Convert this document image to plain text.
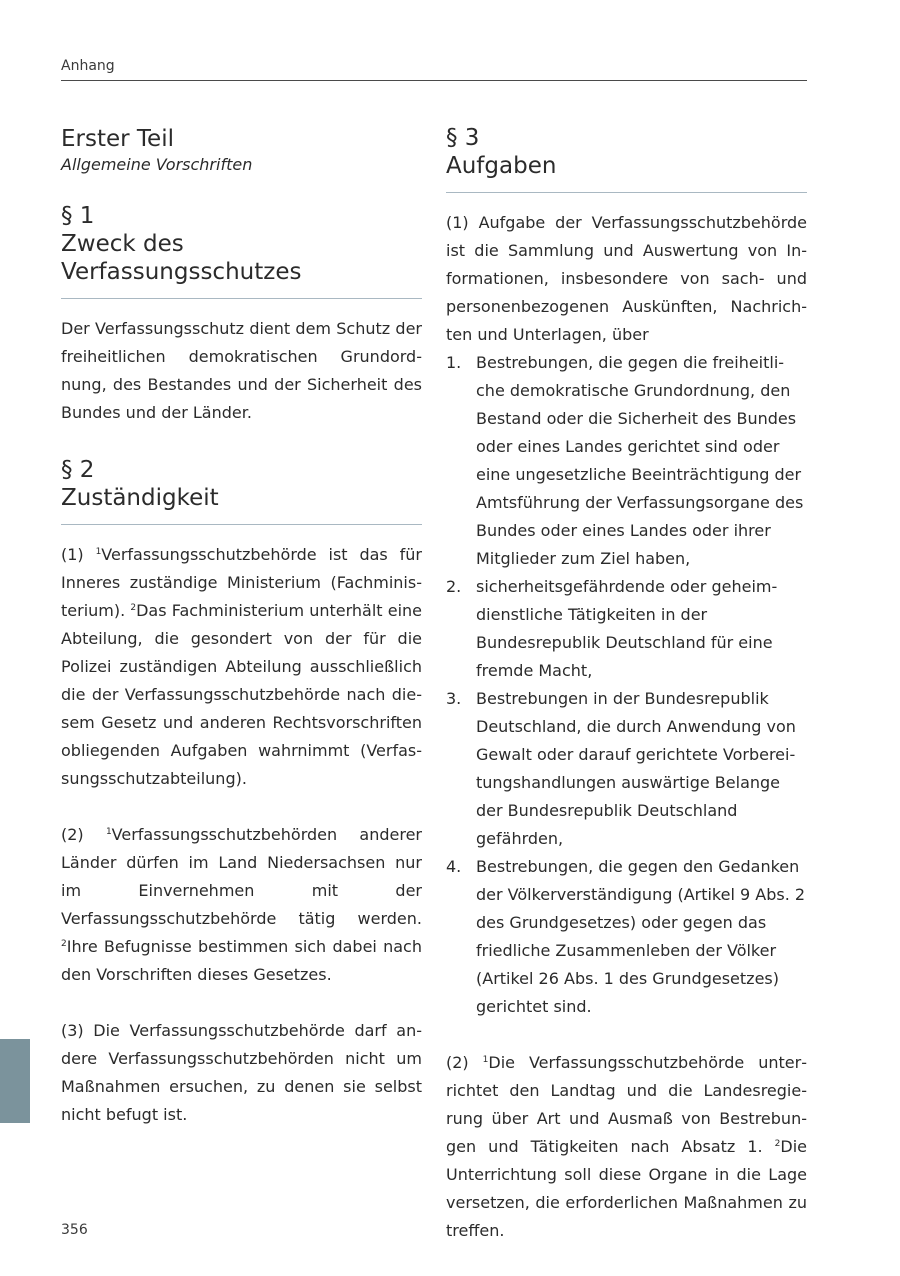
Anhang
Erster Teil
Allgemeine Vorschriften
§ 1
Zweck des Verfassungsschutzes

Der Verfassungsschutz dient dem Schutz der freiheitlichen demokratischen Grundordnung, des Bestandes und der Sicherheit des Bundes und der Länder.

§ 2
Zuständigkeit

(1) $^1$Verfassungsschutzbehörde ist das für Inneres zuständige Ministerium (Fachministerium). $^2$Das Fachministerium unterhält eine Abteilung, die gesondert von der für die Polizei zuständigen Abteilung ausschließlich die der Verfassungsschutzbehörde nach diesem Gesetz und anderen Rechtsvorschriften obliegenden Aufgaben wahrnimmt (Verfassungsschutzabteilung).

(2) $^1$Verfassungsschutzbehörden anderer Länder dürfen im Land Niedersachsen nur im Einvernehmen mit der Verfassungsschutzbehörde tätig werden. $^2$Ihre Befugnisse bestimmen sich dabei nach den Vorschriften dieses Gesetzes.

(3) Die Verfassungsschutzbehörde darf andere Verfassungsschutzbehörden nicht um Maßnahmen ersuchen, zu denen sie selbst nicht befugt ist.

§ 3
Aufgaben

(1) Aufgabe der Verfassungsschutzbehörde ist die Sammlung und Auswertung von Informationen, insbesondere von sach- und personenbezogenen Auskünften, Nachrichten und Unterlagen, über

1. Bestrebungen, die gegen die freiheitliche demokratische Grundordnung, den Bestand oder die Sicherheit des Bundes oder eines Landes gerichtet sind oder eine ungesetzliche Beeinträchtigung der Amtsführung der Verfassungsorgane des Bundes oder eines Landes oder ihrer Mitglieder zum Ziel haben,
2. sicherheitsgefährdende oder geheimdienstliche Tätigkeiten in der Bundesrepublik Deutschland für eine fremde Macht,
3. Bestrebungen in der Bundesrepublik Deutschland, die durch Anwendung von Gewalt oder darauf gerichtete Vorbereitungshandlungen auswärtige Belange der Bundesrepublik Deutschland gefährden,
4. Bestrebungen, die gegen den Gedanken der Völkerverständigung (Artikel 9 Abs. 2 des Grundgesetzes) oder gegen das friedliche Zusammenleben der Völker (Artikel 26 Abs. 1 des Grundgesetzes) gerichtet sind.

(2) $^1$Die Verfassungsschutzbehörde unterrichtet den Landtag und die Landesregierung über Art und Ausmaß von Bestrebungen und Tätigkeiten nach Absatz 1. $^2$Die Unterrichtung soll diese Organe in die Lage versetzen, die erforderlichen Maßnahmen zu treffen.

356
